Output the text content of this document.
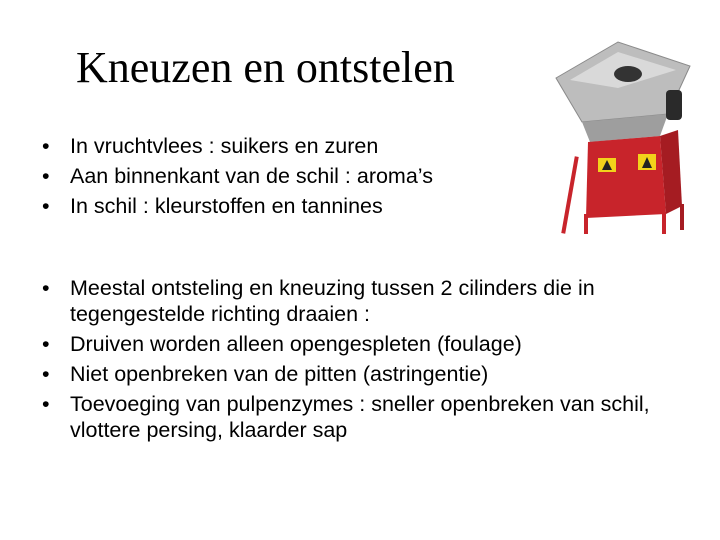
Kneuzen en ontstelen
• In vruchtvlees : suikers en zuren
• Aan binnenkant van de schil : aroma’s
• In schil : kleurstoffen en tannines
• Meestal ontsteling en kneuzing tussen 2 cilinders die in tegengestelde richting draaien :
• Druiven worden alleen opengespleten (foulage)
• Niet openbreken van de pitten (astringentie)
• Toevoeging van pulpenzymes : sneller openbreken van schil, vlottere persing, klaarder sap
